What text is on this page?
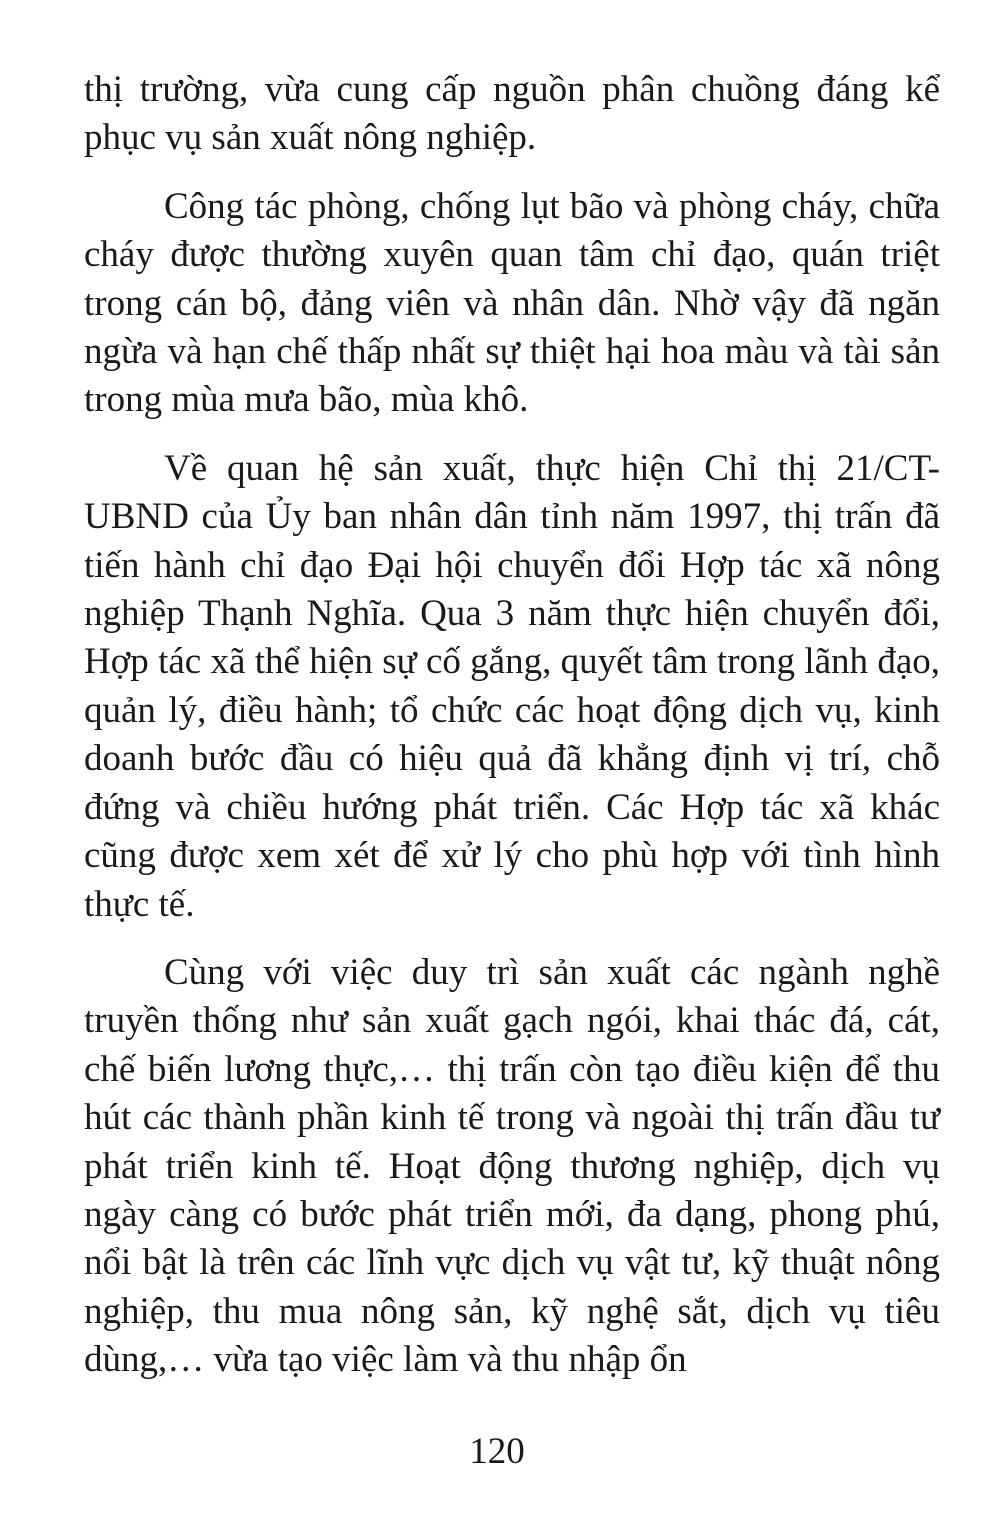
thị trường, vừa cung cấp nguồn phân chuồng đáng kể phục vụ sản xuất nông nghiệp.

Công tác phòng, chống lụt bão và phòng cháy, chữa cháy được thường xuyên quan tâm chỉ đạo, quán triệt trong cán bộ, đảng viên và nhân dân. Nhờ vậy đã ngăn ngừa và hạn chế thấp nhất sự thiệt hại hoa màu và tài sản trong mùa mưa bão, mùa khô.

Về quan hệ sản xuất, thực hiện Chỉ thị 21/CT-UBND của Ủy ban nhân dân tỉnh năm 1997, thị trấn đã tiến hành chỉ đạo Đại hội chuyển đổi Hợp tác xã nông nghiệp Thạnh Nghĩa. Qua 3 năm thực hiện chuyển đổi, Hợp tác xã thể hiện sự cố gắng, quyết tâm trong lãnh đạo, quản lý, điều hành; tổ chức các hoạt động dịch vụ, kinh doanh bước đầu có hiệu quả đã khẳng định vị trí, chỗ đứng và chiều hướng phát triển. Các Hợp tác xã khác cũng được xem xét để xử lý cho phù hợp với tình hình thực tế.

Cùng với việc duy trì sản xuất các ngành nghề truyền thống như sản xuất gạch ngói, khai thác đá, cát, chế biến lương thực,… thị trấn còn tạo điều kiện để thu hút các thành phần kinh tế trong và ngoài thị trấn đầu tư phát triển kinh tế. Hoạt động thương nghiệp, dịch vụ ngày càng có bước phát triển mới, đa dạng, phong phú, nổi bật là trên các lĩnh vực dịch vụ vật tư, kỹ thuật nông nghiệp, thu mua nông sản, kỹ nghệ sắt, dịch vụ tiêu dùng,… vừa tạo việc làm và thu nhập ổn

120
